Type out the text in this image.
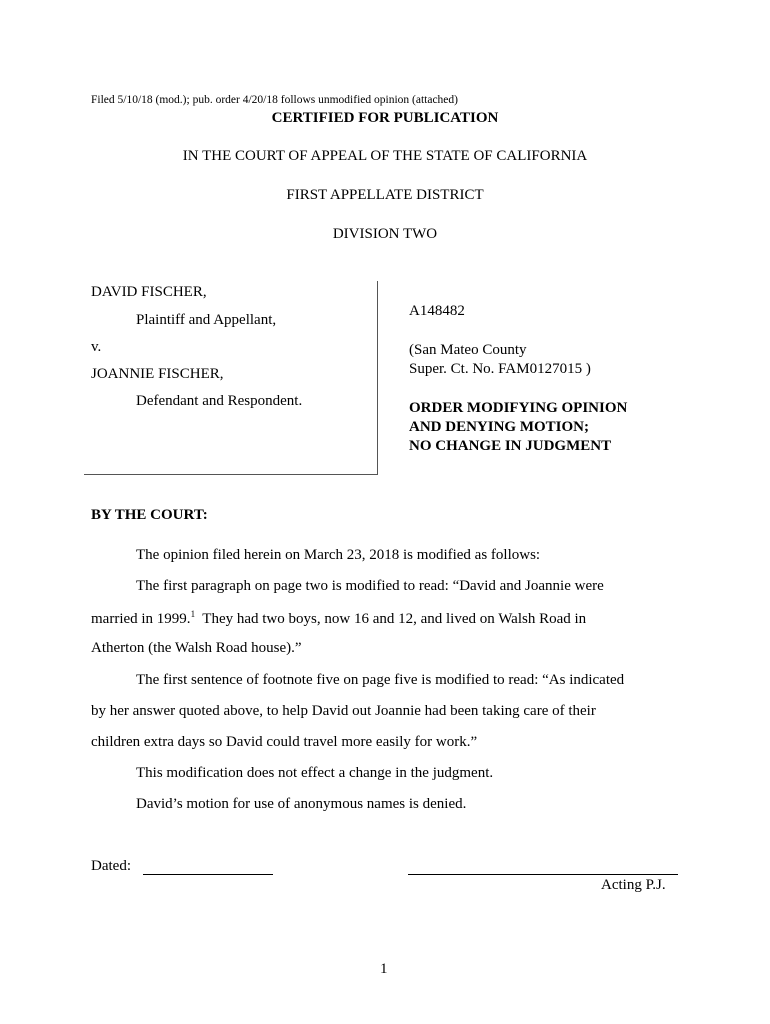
Filed 5/10/18 (mod.); pub. order 4/20/18 follows unmodified opinion (attached)
CERTIFIED FOR PUBLICATION
IN THE COURT OF APPEAL OF THE STATE OF CALIFORNIA
FIRST APPELLATE DISTRICT
DIVISION TWO
DAVID FISCHER,
Plaintiff and Appellant,
v.
JOANNIE FISCHER,
Defendant and Respondent.
A148482
(San Mateo County
Super. Ct. No. FAM0127015 )
ORDER MODIFYING OPINION
AND DENYING MOTION;
NO CHANGE IN JUDGMENT
BY THE COURT:
The opinion filed herein on March 23, 2018 is modified as follows:
The first paragraph on page two is modified to read: “David and Joannie were
married in 1999.$^1$  They had two boys, now 16 and 12, and lived on Walsh Road in
Atherton (the Walsh Road house).”
The first sentence of footnote five on page five is modified to read: “As indicated
by her answer quoted above, to help David out Joannie had been taking care of their
children extra days so David could travel more easily for work.”
This modification does not effect a change in the judgment.
David’s motion for use of anonymous names is denied.
Dated:
Acting P.J.
1
